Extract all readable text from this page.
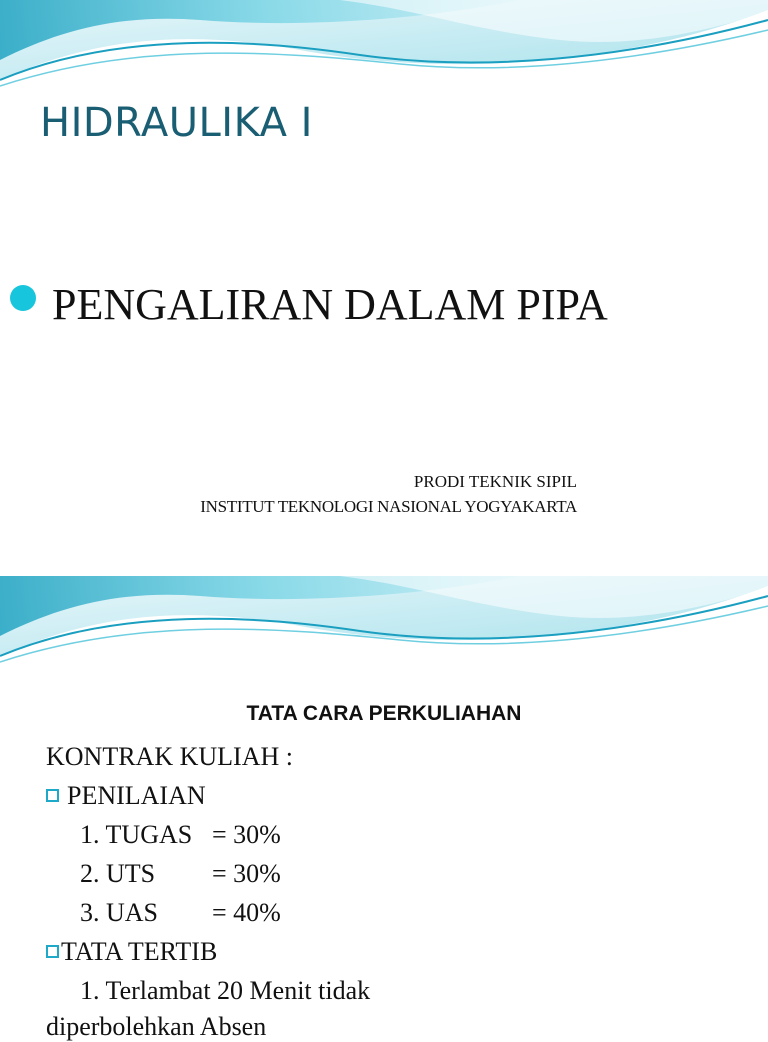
HIDRAULIKA I
PENGALIRAN DALAM PIPA
PRODI TEKNIK SIPIL
INSTITUT TEKNOLOGI NASIONAL YOGYAKARTA
TATA CARA PERKULIAHAN
KONTRAK KULIAH :
PENILAIAN
1. TUGAS = 30%
2. UTS = 30%
3. UAS = 40%
TATA TERTIB
1. Terlambat 20 Menit tidak
diperbolehkan Absen
